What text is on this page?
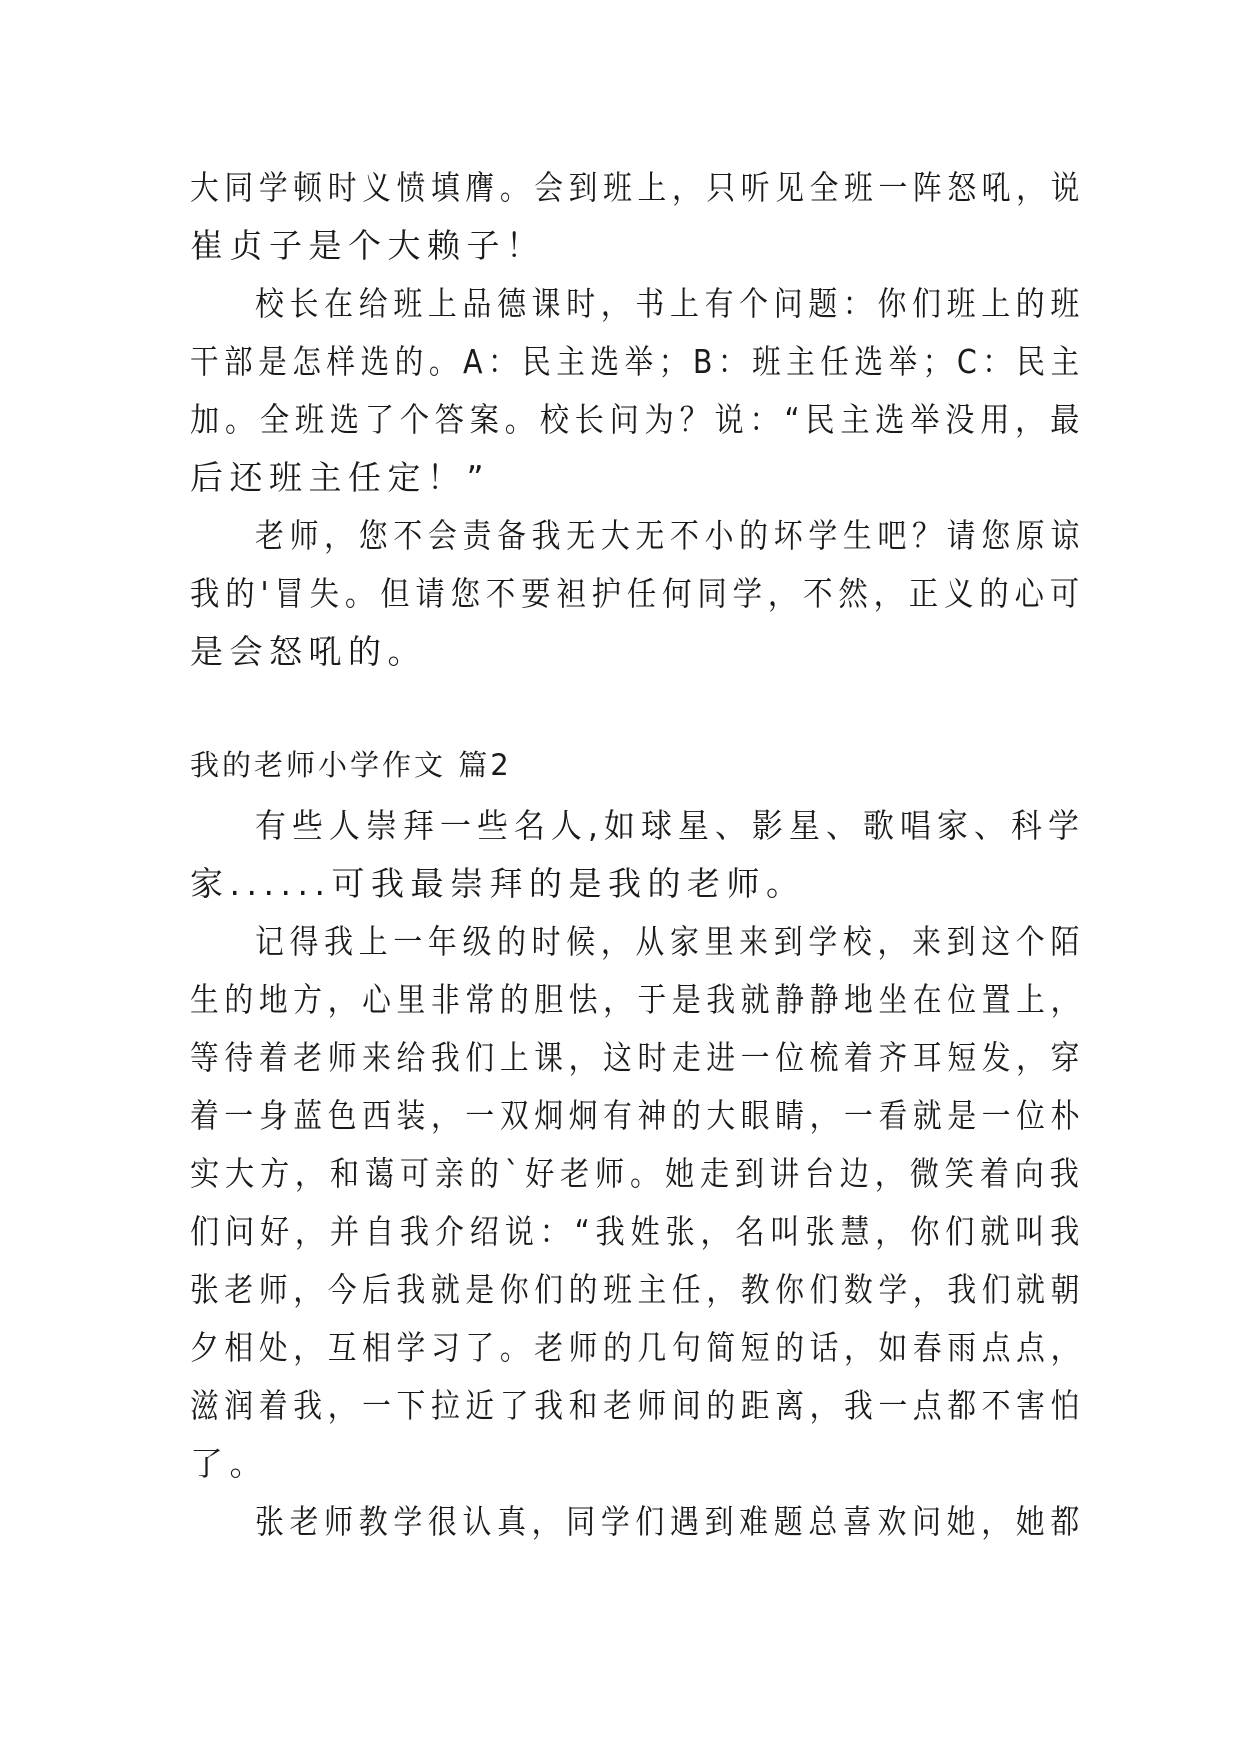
大同学顿时义愤填膺。会到班上，只听见全班一阵怒吼，说

崔贞子是个大赖子！

校长在给班上品德课时，书上有个问题：你们班上的班

干部是怎样选的。A：民主选举；B：班主任选举；C：民主

加。全班选了个答案。校长问为？说：“民主选举没用，最

后还班主任定！”

老师，您不会责备我无大无不小的坏学生吧？请您原谅

我的'冒失。但请您不要袒护任何同学，不然，正义的心可

是会怒吼的。

我的老师小学作文 篇2

有些人崇拜一些名人,如球星、影星、歌唱家、科学

家......可我最崇拜的是我的老师。

记得我上一年级的时候，从家里来到学校，来到这个陌

生的地方，心里非常的胆怯，于是我就静静地坐在位置上，

等待着老师来给我们上课，这时走进一位梳着齐耳短发，穿

着一身蓝色西装，一双炯炯有神的大眼睛，一看就是一位朴

实大方，和蔼可亲的`好老师。她走到讲台边，微笑着向我

们问好，并自我介绍说：“我姓张，名叫张慧，你们就叫我

张老师，今后我就是你们的班主任，教你们数学，我们就朝

夕相处，互相学习了。老师的几句简短的话，如春雨点点，

滋润着我，一下拉近了我和老师间的距离，我一点都不害怕

了。

张老师教学很认真，同学们遇到难题总喜欢问她，她都
